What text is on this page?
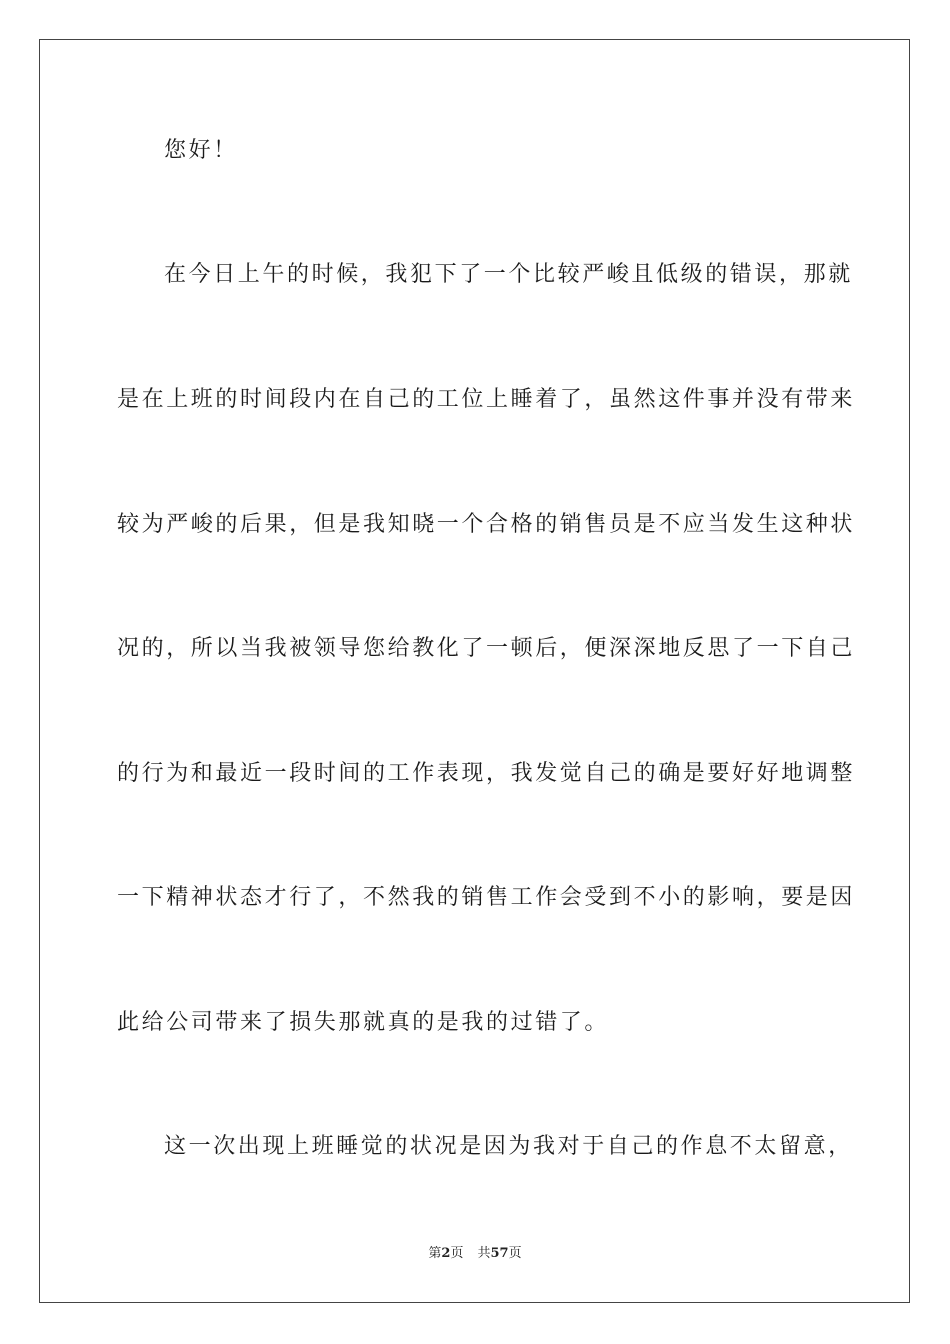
您好！
在今日上午的时候，我犯下了一个比较严峻且低级的错误，那就
是在上班的时间段内在自己的工位上睡着了，虽然这件事并没有带来
较为严峻的后果，但是我知晓一个合格的销售员是不应当发生这种状
况的，所以当我被领导您给教化了一顿后，便深深地反思了一下自己
的行为和最近一段时间的工作表现，我发觉自己的确是要好好地调整
一下精神状态才行了，不然我的销售工作会受到不小的影响，要是因
此给公司带来了损失那就真的是我的过错了。
这一次出现上班睡觉的状况是因为我对于自己的作息不太留意，
第2页 共57页
